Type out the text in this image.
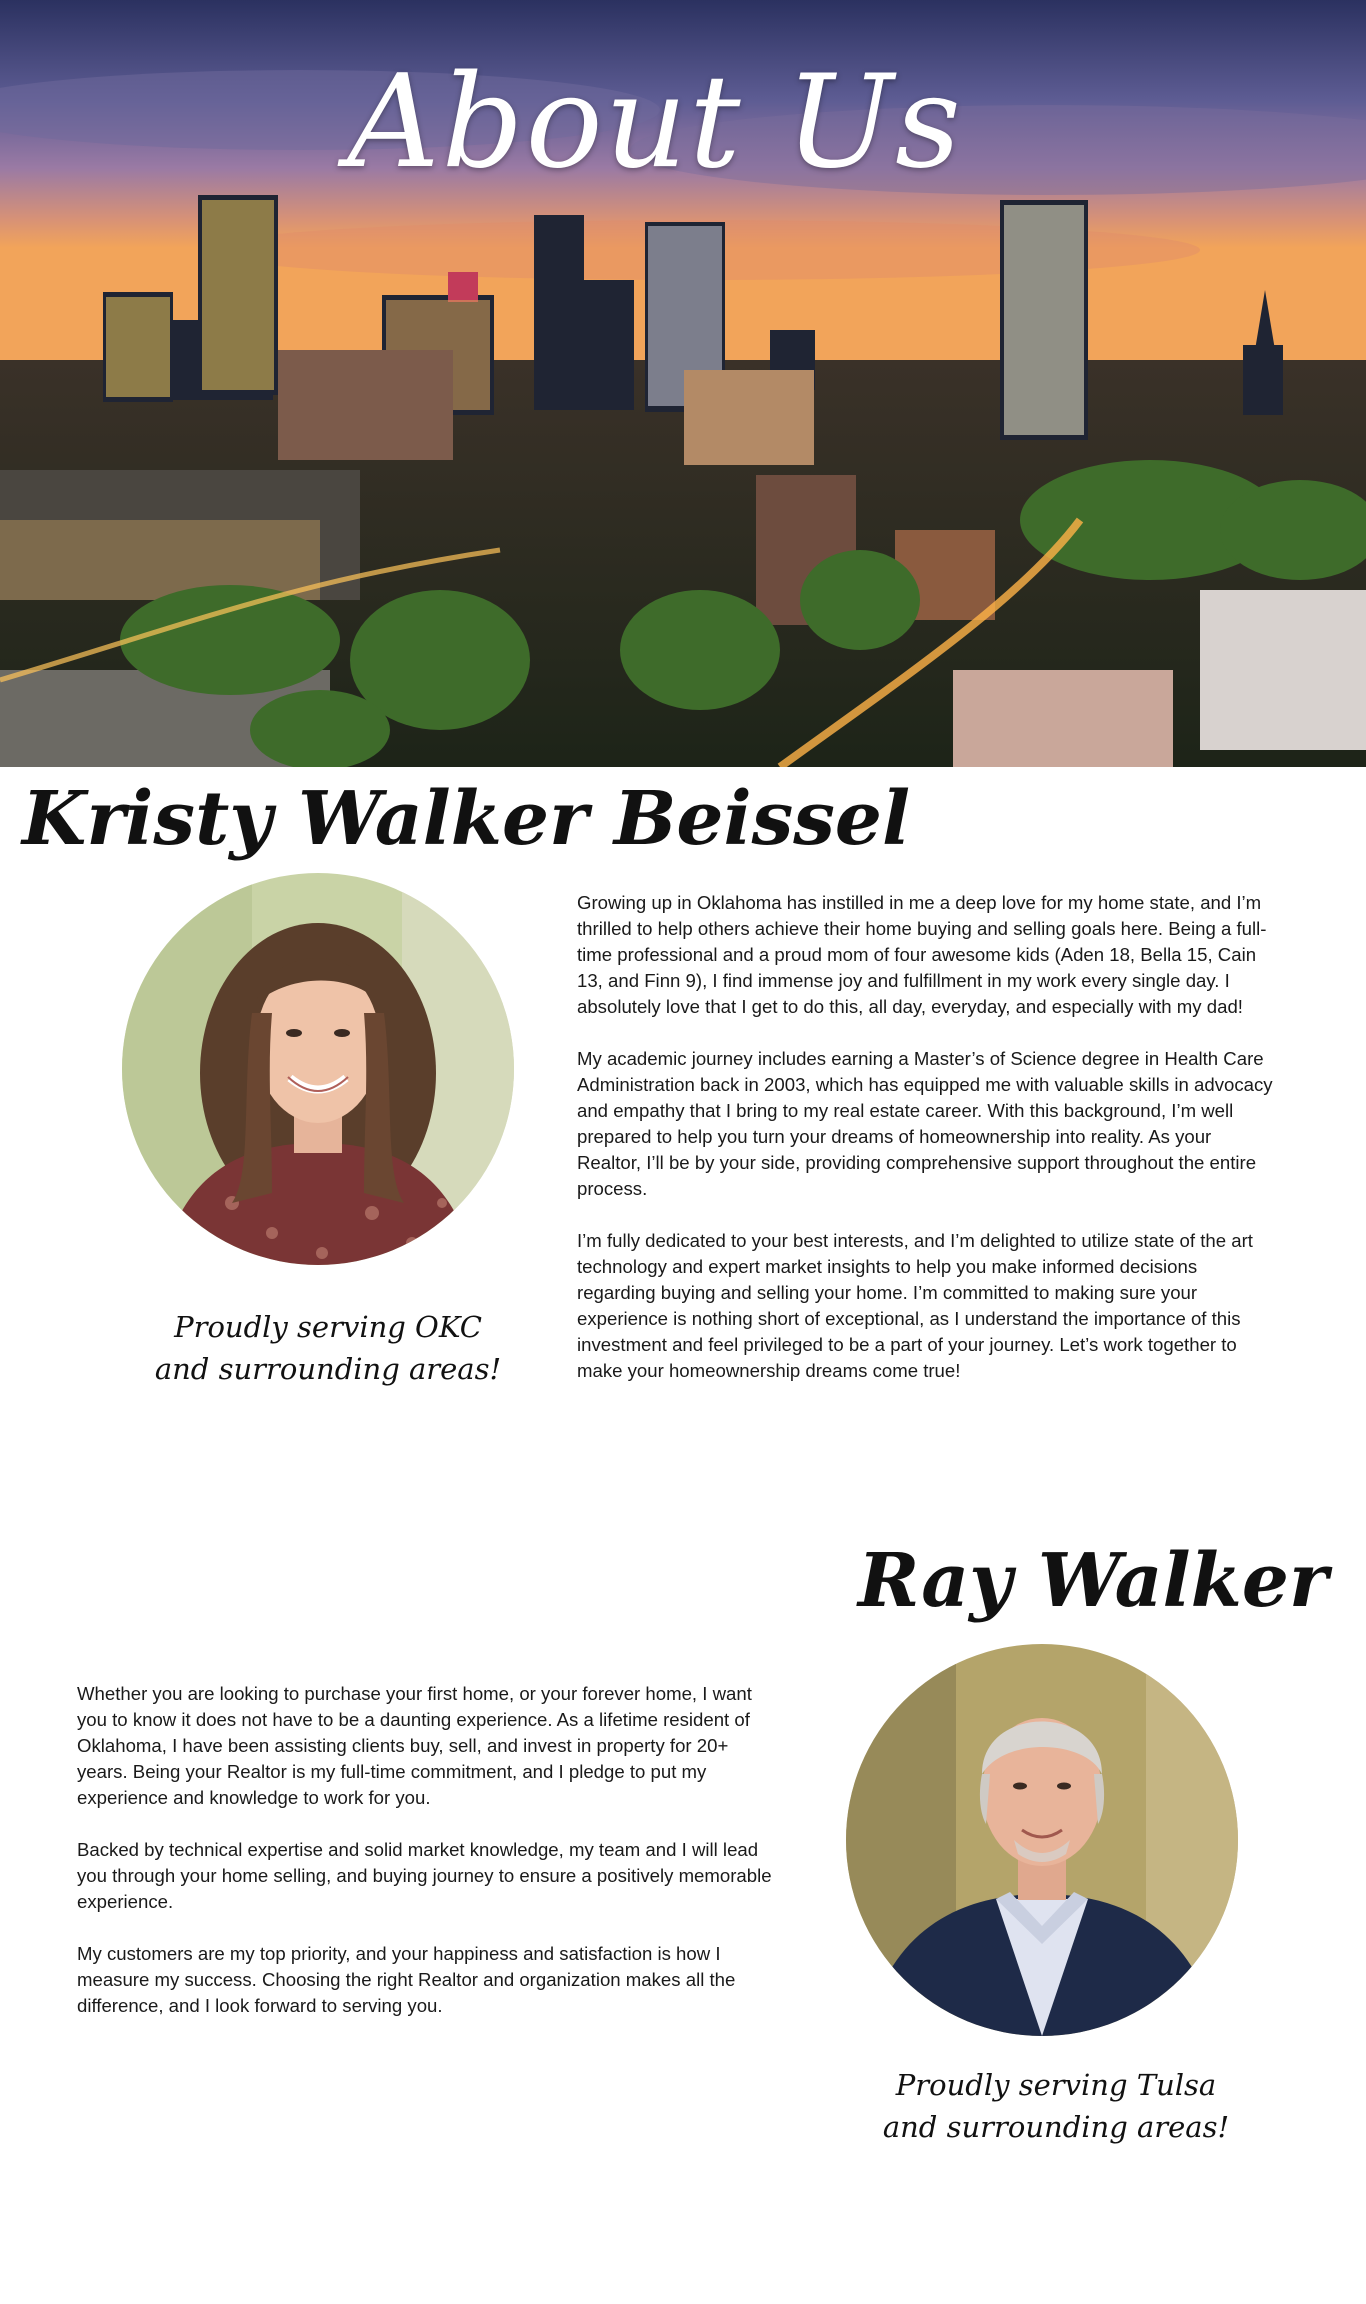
About Us
Kristy Walker Beissel
Proudly serving OKC
and surrounding areas!

Growing up in Oklahoma has instilled in me a deep love for my home state, and I’m thrilled to help others achieve their home buying and selling goals here. Being a full-time professional and a proud mom of four awesome kids (Aden 18, Bella 15, Cain 13, and Finn 9), I find immense joy and fulfillment in my work every single day. I absolutely love that I get to do this, all day, everyday, and especially with my dad!

My academic journey includes earning a Master’s of Science degree in Health Care Administration back in 2003, which has equipped me with valuable skills in advocacy and empathy that I bring to my real estate career. With this background, I’m well prepared to help you turn your dreams of homeownership into reality. As your Realtor, I’ll be by your side, providing comprehensive support throughout the entire process.

I’m fully dedicated to your best interests, and I’m delighted to utilize state of the art technology and expert market insights to help you make informed decisions regarding buying and selling your home. I’m committed to making sure your experience is nothing short of exceptional, as I understand the importance of this investment and feel privileged to be a part of your journey. Let’s work together to make your homeownership dreams come true!

Ray Walker

Whether you are looking to purchase your first home, or your forever home, I want you to know it does not have to be a daunting experience. As a lifetime resident of Oklahoma, I have been assisting clients buy, sell, and invest in property for 20+ years. Being your Realtor is my full-time commitment, and I pledge to put my experience and knowledge to work for you.

Backed by technical expertise and solid market knowledge, my team and I will lead you through your home selling, and buying journey to ensure a positively memorable experience.

My customers are my top priority, and your happiness and satisfaction is how I measure my success. Choosing the right Realtor and organization makes all the difference, and I look forward to serving you.

Proudly serving Tulsa
and surrounding areas!
